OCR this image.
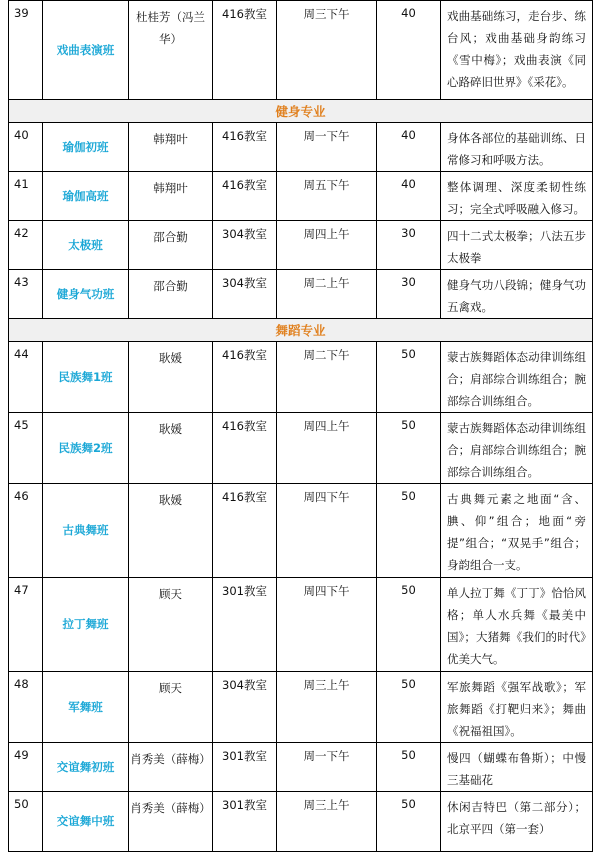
39	戏曲表演班	杜桂芳（冯兰华）	416教室	周三下午	40	戏曲基础练习，走台步、练台风；戏曲基础身韵练习《雪中梅》；戏曲表演《同心路碎旧世界》《采花》。
健身专业						
40	瑜伽初班	韩翔叶	416教室	周一下午	40	身体各部位的基础训练、日常修习和呼吸方法。
41	瑜伽高班	韩翔叶	416教室	周五下午	40	整体调理、深度柔韧性练习；完全式呼吸融入修习。
42	太极班	邵合勤	304教室	周四上午	30	四十二式太极拳；八法五步太极拳
43	健身气功班	邵合勤	304教室	周二上午	30	健身气功八段锦；健身气功五禽戏。
舞蹈专业						
44	民族舞1班	耿媛	416教室	周二下午	50	蒙古族舞蹈体态动律训练组合；肩部综合训练组合；腕部综合训练组合。
45	民族舞2班	耿媛	416教室	周四上午	50	蒙古族舞蹈体态动律训练组合；肩部综合训练组合；腕部综合训练组合。
46	古典舞班	耿媛	416教室	周四下午	50	古典舞元素之地面“含、腆、仰”组合；地面“旁提”组合；“双晃手”组合；身韵组合一支。
47	拉丁舞班	顾天	301教室	周四下午	50	单人拉丁舞《丁丁》恰恰风格；单人水兵舞《最美中国》；大猪舞《我们的时代》优美大气。
48	军舞班	顾天	304教室	周三上午	50	军旅舞蹈《强军战歌》；军旅舞蹈《打靶归来》；舞曲《祝福祖国》。
49	交谊舞初班	肖秀美（薛梅）	301教室	周一下午	50	慢四（蝴蝶布鲁斯）；中慢三基础花
50	交谊舞中班	肖秀美（薛梅）	301教室	周三上午	50	休闲吉特巴（第二部分）；北京平四（第一套）
